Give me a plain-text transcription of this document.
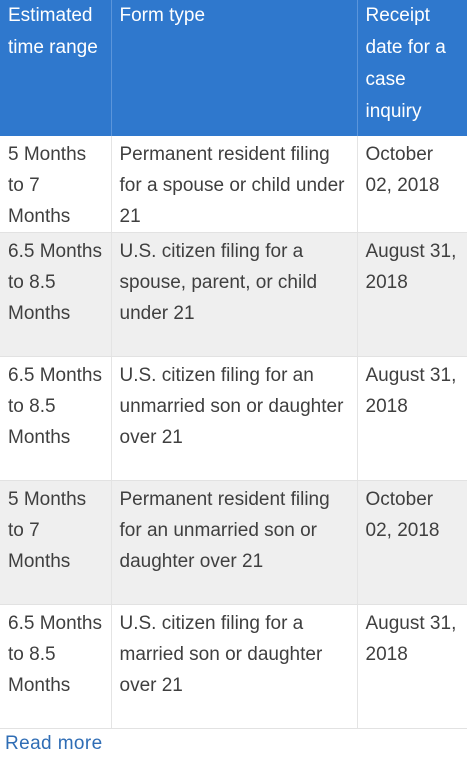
Estimated time range	Form type	Receipt date for a case inquiry
5 Months to 7 Months	Permanent resident filing for a spouse or child under 21	October 02, 2018
6.5 Months to 8.5 Months	U.S. citizen filing for a spouse, parent, or child under 21	August 31, 2018
6.5 Months to 8.5 Months	U.S. citizen filing for an unmarried son or daughter over 21	August 31, 2018
5 Months to 7 Months	Permanent resident filing for an unmarried son or daughter over 21	October 02, 2018
6.5 Months to 8.5 Months	U.S. citizen filing for a married son or daughter over 21	August 31, 2018
Read more
